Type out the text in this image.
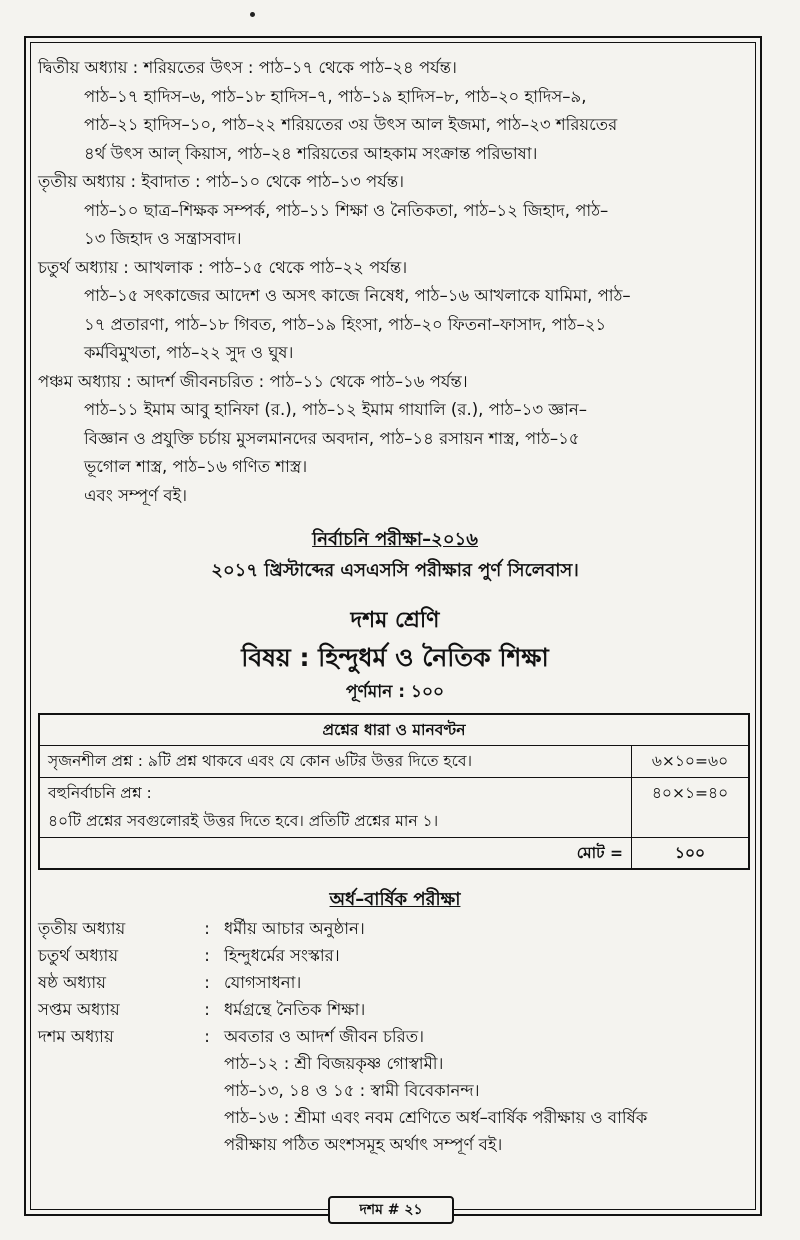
দ্বিতীয় অধ্যায় : শরিয়তের উৎস : পাঠ–১৭ থেকে পাঠ–২৪ পর্যন্ত।

পাঠ–১৭ হাদিস–৬, পাঠ–১৮ হাদিস–৭, পাঠ–১৯ হাদিস–৮, পাঠ–২০ হাদিস–৯,

পাঠ–২১ হাদিস–১০, পাঠ–২২ শরিয়তের ৩য় উৎস আল ইজমা, পাঠ–২৩ শরিয়তের

৪র্থ উৎস আল্ কিয়াস, পাঠ–২৪ শরিয়তের আহকাম সংক্রান্ত পরিভাষা।

তৃতীয় অধ্যায় : ইবাদাত : পাঠ–১০ থেকে পাঠ–১৩ পর্যন্ত।

পাঠ–১০ ছাত্র–শিক্ষক সম্পর্ক, পাঠ–১১ শিক্ষা ও নৈতিকতা, পাঠ–১২ জিহাদ, পাঠ–

১৩ জিহাদ ও সন্ত্রাসবাদ।

চতুর্থ অধ্যায় : আখলাক : পাঠ–১৫ থেকে পাঠ–২২ পর্যন্ত।

পাঠ–১৫ সৎকাজের আদেশ ও অসৎ কাজে নিষেধ, পাঠ–১৬ আখলাকে যামিমা, পাঠ–

১৭ প্রতারণা, পাঠ–১৮ গিবত, পাঠ–১৯ হিংসা, পাঠ–২০ ফিতনা–ফাসাদ, পাঠ–২১

কর্মবিমুখতা, পাঠ–২২ সুদ ও ঘুষ।

পঞ্চম অধ্যায় : আদর্শ জীবনচরিত : পাঠ–১১ থেকে পাঠ–১৬ পর্যন্ত।

পাঠ–১১ ইমাম আবু হানিফা (র.), পাঠ–১২ ইমাম গাযালি (র.), পাঠ–১৩ জ্ঞান–

বিজ্ঞান ও প্রযুক্তি চর্চায় মুসলমানদের অবদান, পাঠ–১৪ রসায়ন শাস্ত্র, পাঠ–১৫

ভূগোল শাস্ত্র, পাঠ–১৬ গণিত শাস্ত্র।

এবং সম্পূর্ণ বই।

নির্বাচনি পরীক্ষা–২০১৬
২০১৭ খ্রিস্টাব্দের এসএসসি পরীক্ষার পুর্ণ সিলেবাস।
দশম শ্রেণি
বিষয় : হিন্দুধর্ম ও নৈতিক শিক্ষা
পূর্ণমান : ১০০
প্রশ্নের ধারা ও মানবণ্টন	

সৃজনশীল প্রশ্ন : ৯টি প্রশ্ন থাকবে এবং যে কোন ৬টির উত্তর দিতে হবে।	৬×১০=৬০

বহুনির্বাচনি প্রশ্ন :
৪০টি প্রশ্নের সবগুলোরই উত্তর দিতে হবে। প্রতিটি প্রশ্নের মান ১।	৪০×১=৪০
মোট =	১০০
অর্ধ–বার্ষিক পরীক্ষা
তৃতীয় অধ্যায়	: ধর্মীয় আচার অনুষ্ঠান।
চতুর্থ অধ্যায়	: হিন্দুধর্মের সংস্কার।
ষষ্ঠ অধ্যায়	: যোগসাধনা।
সপ্তম অধ্যায়	: ধর্মগ্রন্থে নৈতিক শিক্ষা।
দশম অধ্যায়	: অবতার ও আদর্শ জীবন চরিত।

পাঠ–১২ : শ্রী বিজয়কৃষ্ণ গোস্বামী।

পাঠ–১৩, ১৪ ও ১৫ : স্বামী বিবেকানন্দ।

পাঠ–১৬ : শ্রীমা এবং নবম শ্রেণিতে অর্ধ–বার্ষিক পরীক্ষায় ও বার্ষিক

পরীক্ষায় পঠিত অংশসমূহ অর্থাৎ সম্পূর্ণ বই।

দশম # ২১
